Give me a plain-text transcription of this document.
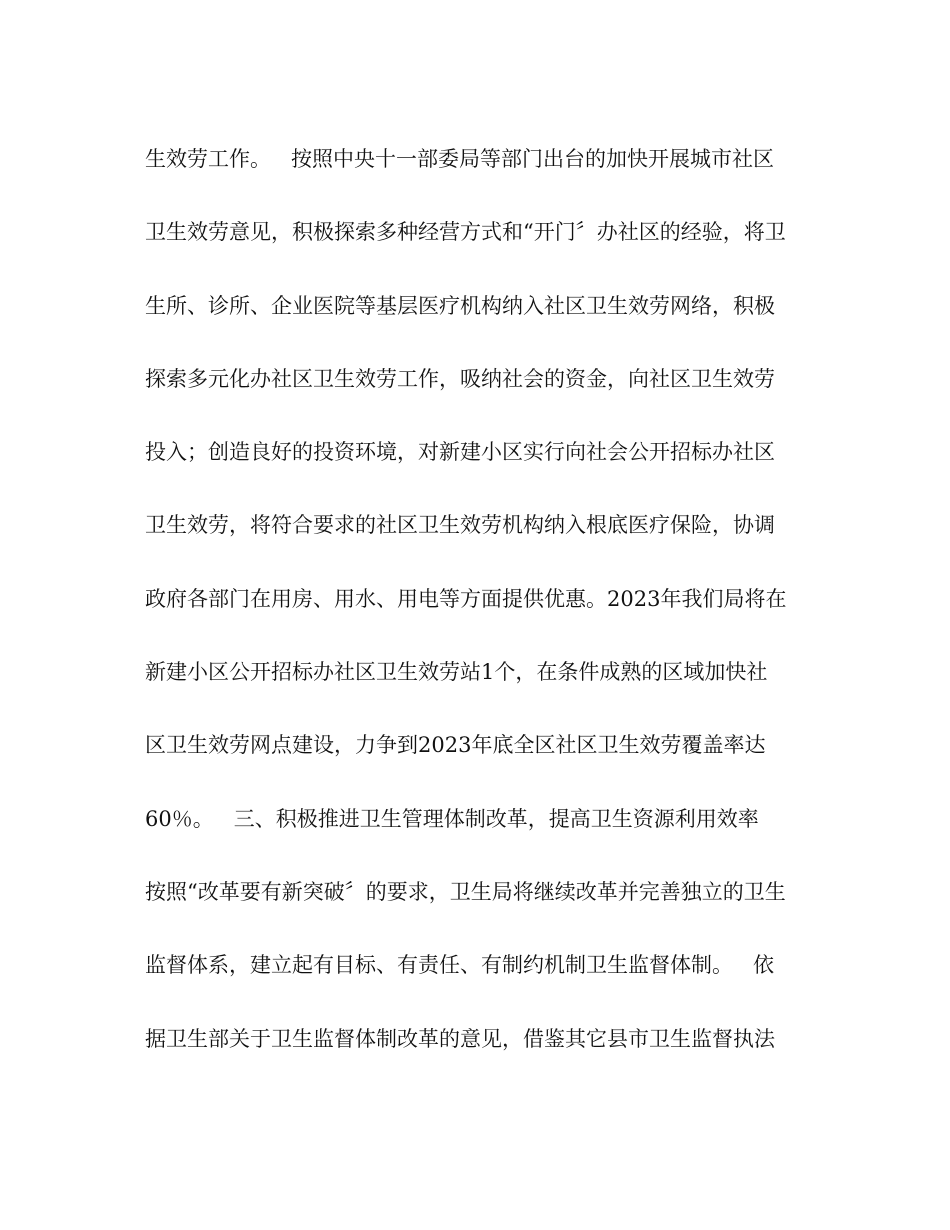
生效劳工作。   按照中央十一部委局等部门出台的加快开展城市社区
卫生效劳意见，积极探索多种经营方式和“开门〞办社区的经验，将卫
生所、诊所、企业医院等基层医疗机构纳入社区卫生效劳网络，积极
探索多元化办社区卫生效劳工作，吸纳社会的资金，向社区卫生效劳
投入；创造良好的投资环境，对新建小区实行向社会公开招标办社区
卫生效劳，将符合要求的社区卫生效劳机构纳入根底医疗保险，协调
政府各部门在用房、用水、用电等方面提供优惠。2023年我们局将在
新建小区公开招标办社区卫生效劳站1个，在条件成熟的区域加快社
区卫生效劳网点建设，力争到2023年底全区社区卫生效劳覆盖率达
60％。   三、积极推进卫生管理体制改革，提高卫生资源利用效率
按照“改革要有新突破〞的要求，卫生局将继续改革并完善独立的卫生
监督体系，建立起有目标、有责任、有制约机制卫生监督体制。   依
据卫生部关于卫生监督体制改革的意见，借鉴其它县市卫生监督执法
